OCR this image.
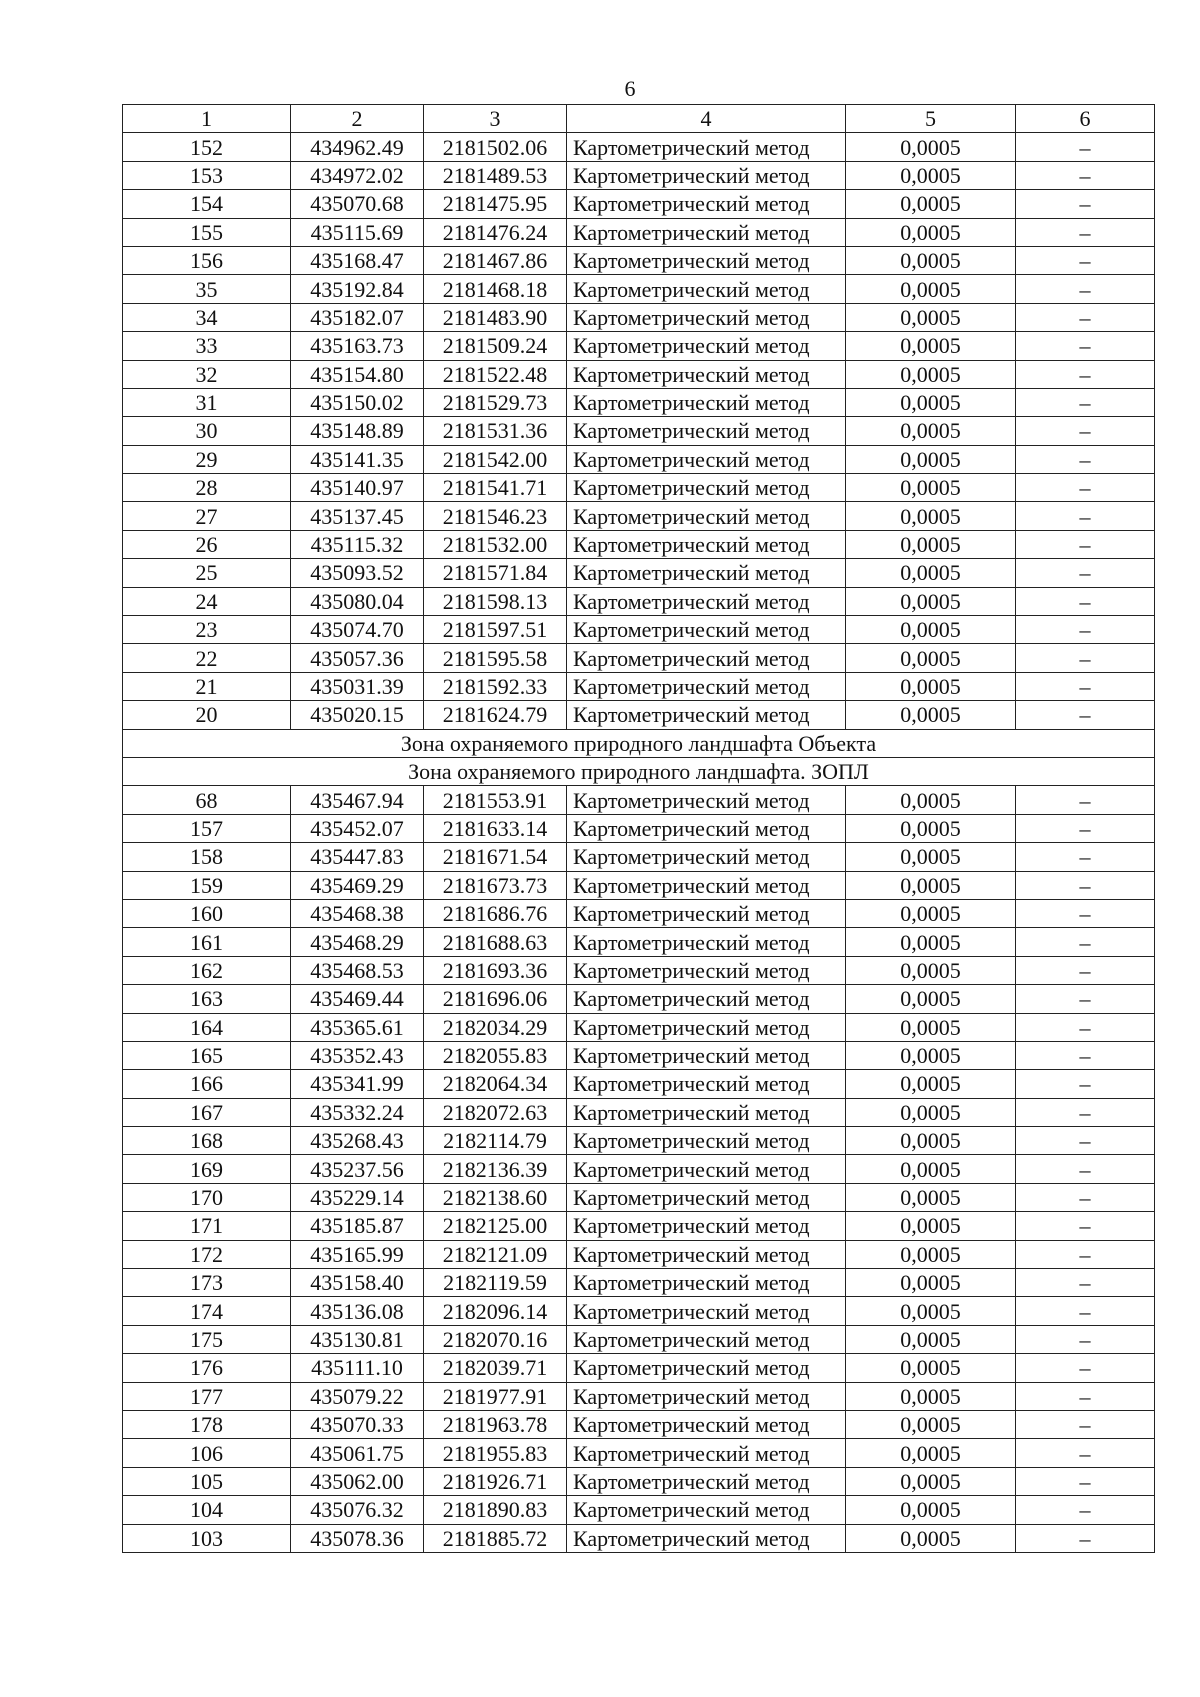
6
1	2	3	4	5	6
152	434962.49	2181502.06	Картометрический метод	0,0005	–
153	434972.02	2181489.53	Картометрический метод	0,0005	–
154	435070.68	2181475.95	Картометрический метод	0,0005	–
155	435115.69	2181476.24	Картометрический метод	0,0005	–
156	435168.47	2181467.86	Картометрический метод	0,0005	–
35	435192.84	2181468.18	Картометрический метод	0,0005	–
34	435182.07	2181483.90	Картометрический метод	0,0005	–
33	435163.73	2181509.24	Картометрический метод	0,0005	–
32	435154.80	2181522.48	Картометрический метод	0,0005	–
31	435150.02	2181529.73	Картометрический метод	0,0005	–
30	435148.89	2181531.36	Картометрический метод	0,0005	–
29	435141.35	2181542.00	Картометрический метод	0,0005	–
28	435140.97	2181541.71	Картометрический метод	0,0005	–
27	435137.45	2181546.23	Картометрический метод	0,0005	–
26	435115.32	2181532.00	Картометрический метод	0,0005	–
25	435093.52	2181571.84	Картометрический метод	0,0005	–
24	435080.04	2181598.13	Картометрический метод	0,0005	–
23	435074.70	2181597.51	Картометрический метод	0,0005	–
22	435057.36	2181595.58	Картометрический метод	0,0005	–
21	435031.39	2181592.33	Картометрический метод	0,0005	–
20	435020.15	2181624.79	Картометрический метод	0,0005	–
Зона охраняемого природного ландшафта Объекта					
Зона охраняемого природного ландшафта. ЗОПЛ					
68	435467.94	2181553.91	Картометрический метод	0,0005	–
157	435452.07	2181633.14	Картометрический метод	0,0005	–
158	435447.83	2181671.54	Картометрический метод	0,0005	–
159	435469.29	2181673.73	Картометрический метод	0,0005	–
160	435468.38	2181686.76	Картометрический метод	0,0005	–
161	435468.29	2181688.63	Картометрический метод	0,0005	–
162	435468.53	2181693.36	Картометрический метод	0,0005	–
163	435469.44	2181696.06	Картометрический метод	0,0005	–
164	435365.61	2182034.29	Картометрический метод	0,0005	–
165	435352.43	2182055.83	Картометрический метод	0,0005	–
166	435341.99	2182064.34	Картометрический метод	0,0005	–
167	435332.24	2182072.63	Картометрический метод	0,0005	–
168	435268.43	2182114.79	Картометрический метод	0,0005	–
169	435237.56	2182136.39	Картометрический метод	0,0005	–
170	435229.14	2182138.60	Картометрический метод	0,0005	–
171	435185.87	2182125.00	Картометрический метод	0,0005	–
172	435165.99	2182121.09	Картометрический метод	0,0005	–
173	435158.40	2182119.59	Картометрический метод	0,0005	–
174	435136.08	2182096.14	Картометрический метод	0,0005	–
175	435130.81	2182070.16	Картометрический метод	0,0005	–
176	435111.10	2182039.71	Картометрический метод	0,0005	–
177	435079.22	2181977.91	Картометрический метод	0,0005	–
178	435070.33	2181963.78	Картометрический метод	0,0005	–
106	435061.75	2181955.83	Картометрический метод	0,0005	–
105	435062.00	2181926.71	Картометрический метод	0,0005	–
104	435076.32	2181890.83	Картометрический метод	0,0005	–
103	435078.36	2181885.72	Картометрический метод	0,0005	–
